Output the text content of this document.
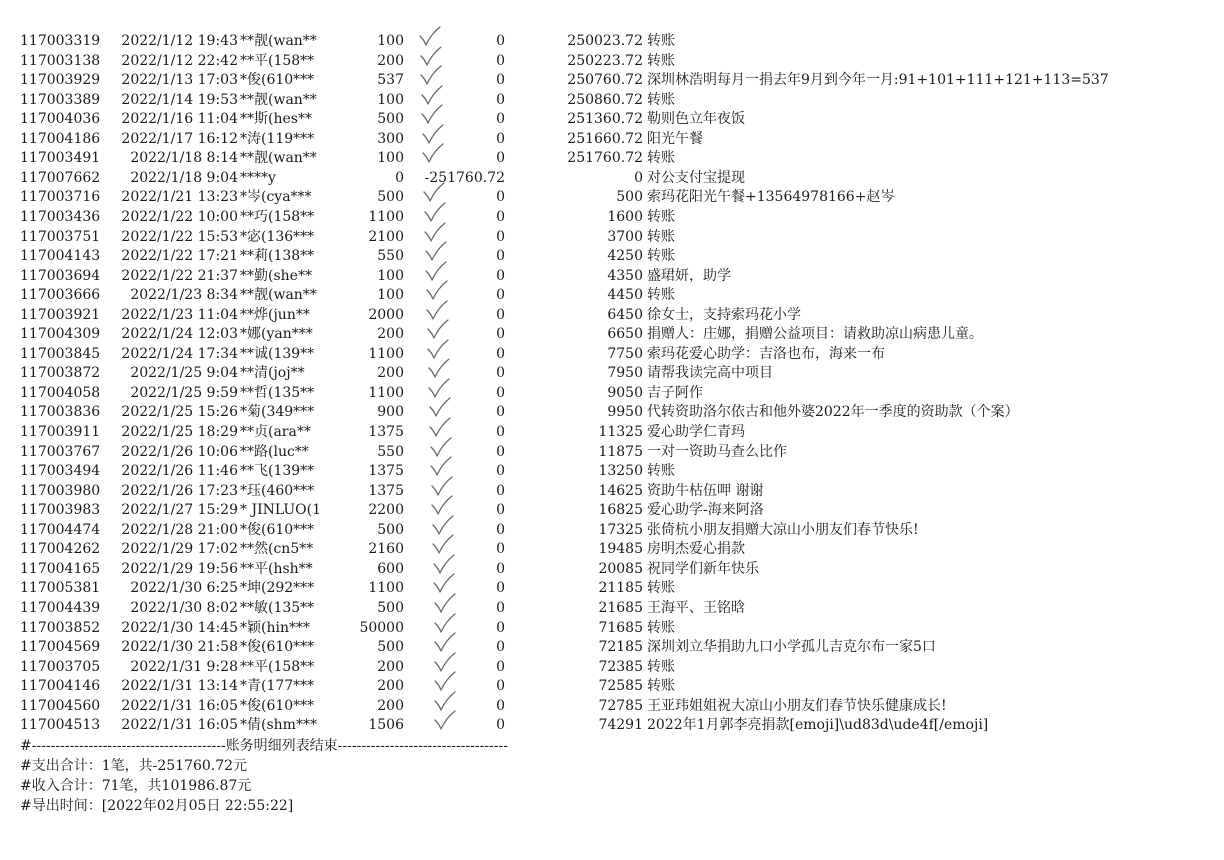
117003319	2022/1/12 19:43 **靓(wan**	100	0	250023.72 转账
117003138	2022/1/12 22:42 **平(158**	200	0	250223.72 转账
117003929	2022/1/13 17:03 *俊(610***	537	0	250760.72 深圳林浩明每月一捐去年9月到今年一月:91+101+111+121+113=537
117003389	2022/1/14 19:53 **靓(wan**	100	0	250860.72 转账
117004036	2022/1/16 11:04 **斯(hes**	500	0	251360.72 勒则色立年夜饭
117004186	2022/1/17 16:12 *涛(119***	300	0	251660.72 阳光午餐
117003491	2022/1/18 8:14 **靓(wan**	100	0	251760.72 转账
117007662	2022/1/18 9:04 ****y	0	-251760.72	0 对公支付宝提现
117003716	2022/1/21 13:23 *岑(cya***	500	0	500 索玛花阳光午餐+13564978166+赵岑
117003436	2022/1/22 10:00 **巧(158**	1100	0	1600 转账
117003751	2022/1/22 15:53 *宓(136***	2100	0	3700 转账
117004143	2022/1/22 17:21 **莉(138**	550	0	4250 转账
117003694	2022/1/22 21:37 **勤(she**	100	0	4350 盛珺妍，助学
117003666	2022/1/23 8:34 **靓(wan**	100	0	4450 转账
117003921	2022/1/23 11:04 **烨(jun**	2000	0	6450 徐女士，支持索玛花小学
117004309	2022/1/24 12:03 *娜(yan***	200	0	6650 捐赠人：庄娜，捐赠公益项目：请救助凉山病患儿童。
117003845	2022/1/24 17:34 **诚(139**	1100	0	7750 索玛花爱心助学：吉洛也布，海来一布
117003872	2022/1/25 9:04 **清(joj**	200	0	7950 请帮我读完高中项目
117004058	2022/1/25 9:59 **哲(135**	1100	0	9050 吉子阿作
117003836	2022/1/25 15:26 *菊(349***	900	0	9950 代转资助洛尔依古和他外婆2022年一季度的资助款（个案）
117003911	2022/1/25 18:29 **贞(ara**	1375	0	11325 爱心助学仁青玛
117003767	2022/1/26 10:06 **路(luc**	550	0	11875 一对一资助马查么比作
117003494	2022/1/26 11:46 **飞(139**	1375	0	13250 转账
117003980	2022/1/26 17:23 *珏(460***	1375	0	14625 资助牛枯伍呷 谢谢
117003983	2022/1/27 15:29 * JINLUO(1	2200	0	16825 爱心助学-海来阿洛
117004474	2022/1/28 21:00 *俊(610***	500	0	17325 张倚杭小朋友捐赠大凉山小朋友们春节快乐!
117004262	2022/1/29 17:02 **然(cn5**	2160	0	19485 房明杰爱心捐款
117004165	2022/1/29 19:56 **平(hsh**	600	0	20085 祝同学们新年快乐
117005381	2022/1/30 6:25 *坤(292***	1100	0	21185 转账
117004439	2022/1/30 8:02 **敏(135**	500	0	21685 王海平、王铭晗
117003852	2022/1/30 14:45 *颖(hin***	50000	0	71685 转账
117004569	2022/1/30 21:58 *俊(610***	500	0	72185 深圳刘立华捐助九口小学孤儿吉克尔布一家5口
117003705	2022/1/31 9:28 **平(158**	200	0	72385 转账
117004146	2022/1/31 13:14 *青(177***	200	0	72585 转账
117004560	2022/1/31 16:05 *俊(610***	200	0	72785 王亚玮姐姐祝大凉山小朋友们春节快乐健康成长!
117004513	2022/1/31 16:05 *倩(shm***	1506	0	74291 2022年1月郭李亮捐款[emoji]\ud83d\ude4f[/emoji]
#-----------------------------------------账务明细列表结束------------------------------------
#支出合计：1笔，共-251760.72元
#收入合计：71笔，共101986.87元
#导出时间：[2022年02月05日 22:55:22]
